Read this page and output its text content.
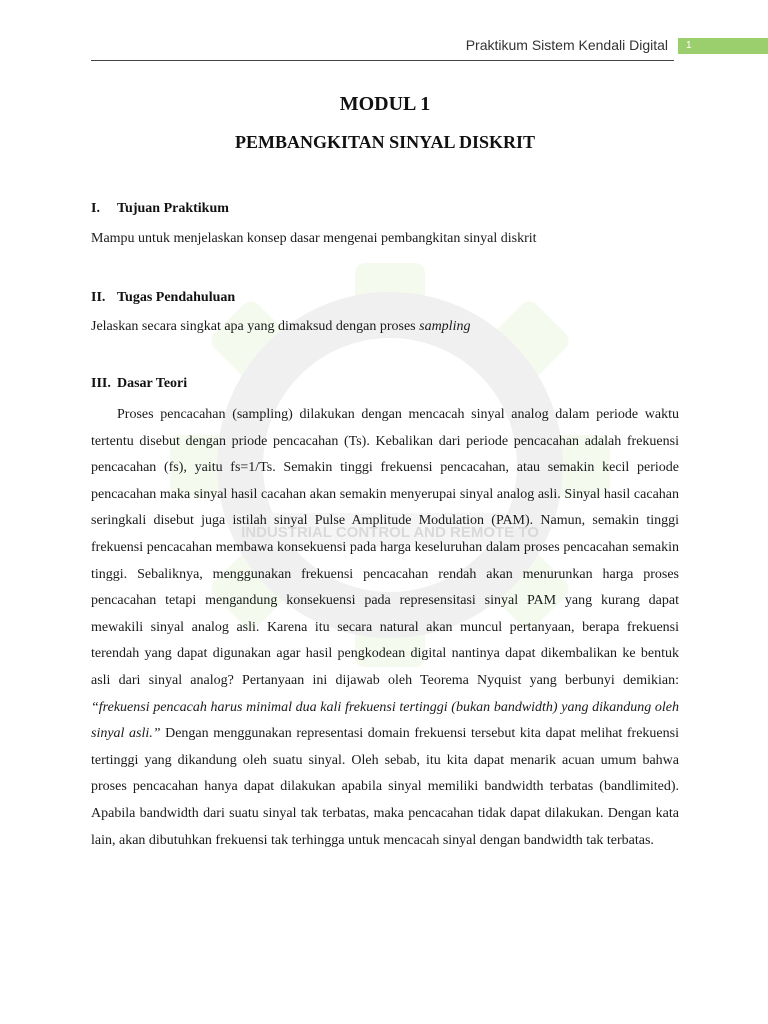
Praktikum Sistem Kendali Digital	1
INDUSTRIAL CONTROL AND REMOTE TO
MODUL 1
PEMBANGKITAN SINYAL DISKRIT
I. Tujuan Praktikum

Mampu untuk menjelaskan konsep dasar mengenai pembangkitan sinyal diskrit

II. Tugas Pendahuluan

Jelaskan secara singkat apa yang dimaksud dengan proses sampling

III. Dasar Teori

Proses pencacahan (sampling) dilakukan dengan mencacah sinyal analog dalam periode waktu tertentu disebut dengan priode pencacahan (Ts). Kebalikan dari periode pencacahan adalah frekuensi pencacahan (fs), yaitu fs=1/Ts. Semakin tinggi frekuensi pencacahan, atau semakin kecil periode pencacahan maka sinyal hasil cacahan akan semakin menyerupai sinyal analog asli. Sinyal hasil cacahan seringkali disebut juga istilah sinyal Pulse Amplitude Modulation (PAM). Namun, semakin tinggi frekuensi pencacahan membawa konsekuensi pada harga keseluruhan dalam proses pencacahan semakin tinggi. Sebaliknya, menggunakan frekuensi pencacahan rendah akan menurunkan harga proses pencacahan tetapi mengandung konsekuensi pada represensitasi sinyal PAM yang kurang dapat mewakili sinyal analog asli. Karena itu secara natural akan muncul pertanyaan, berapa frekuensi terendah yang dapat digunakan agar hasil pengkodean digital nantinya dapat dikembalikan ke bentuk asli dari sinyal analog? Pertanyaan ini dijawab oleh Teorema Nyquist yang berbunyi demikian: “frekuensi pencacah harus minimal dua kali frekuensi tertinggi (bukan bandwidth) yang dikandung oleh sinyal asli.” Dengan menggunakan representasi domain frekuensi tersebut kita dapat melihat frekuensi tertinggi yang dikandung oleh suatu sinyal. Oleh sebab, itu kita dapat menarik acuan umum bahwa proses pencacahan hanya dapat dilakukan apabila sinyal memiliki bandwidth terbatas (bandlimited). Apabila bandwidth dari suatu sinyal tak terbatas, maka pencacahan tidak dapat dilakukan. Dengan kata lain, akan dibutuhkan frekuensi tak terhingga untuk mencacah sinyal dengan bandwidth tak terbatas.
